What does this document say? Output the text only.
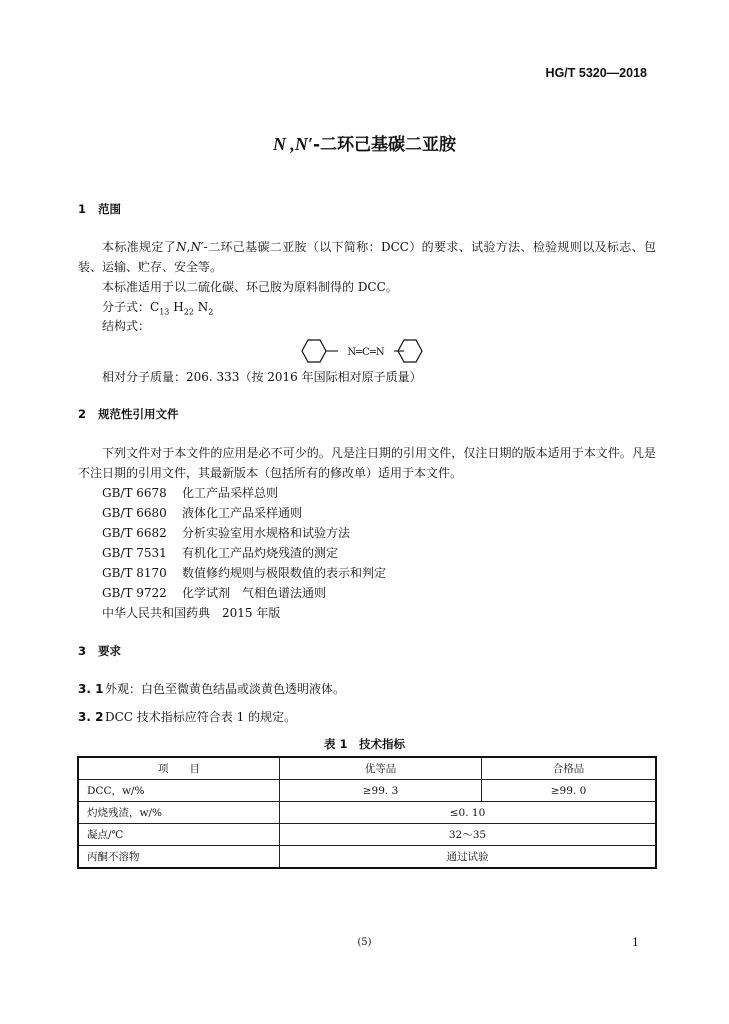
HG/T 5320—2018
N ,N′-二环己基碳二亚胺
1 范围
本标准规定了N,N′-二环己基碳二亚胺（以下简称：DCC）的要求、试验方法、检验规则以及标志、包装、运输、贮存、安全等。
本标准适用于以二硫化碳、环己胺为原料制得的 DCC。
分子式：$C_{13}$ $H_{22}$ $N_2$
结构式：
N═C═N
相对分子质量：206. 333（按 2016 年国际相对原子质量）
2 规范性引用文件
下列文件对于本文件的应用是必不可少的。凡是注日期的引用文件，仅注日期的版本适用于本文件。凡是不注日期的引用文件，其最新版本（包括所有的修改单）适用于本文件。
GB/T 6678 化工产品采样总则
GB/T 6680 液体化工产品采样通则
GB/T 6682 分析实验室用水规格和试验方法
GB/T 7531 有机化工产品灼烧残渣的测定
GB/T 8170 数值修约规则与极限数值的表示和判定
GB/T 9722 化学试剂　气相色谱法通则
中华人民共和国药典　2015 年版
3 要求
3. 1 外观：白色至微黄色结晶或淡黄色透明液体。
3. 2 DCC 技术指标应符合表 1 的规定。
表 1　技术指标
项　　目	优等品	合格品
DCC，w/%	≥99. 3	≥99. 0
灼烧残渣，w/%	≤0. 10	
凝点/℃	32～35	
丙酮不溶物	通过试验	
(5)	1
